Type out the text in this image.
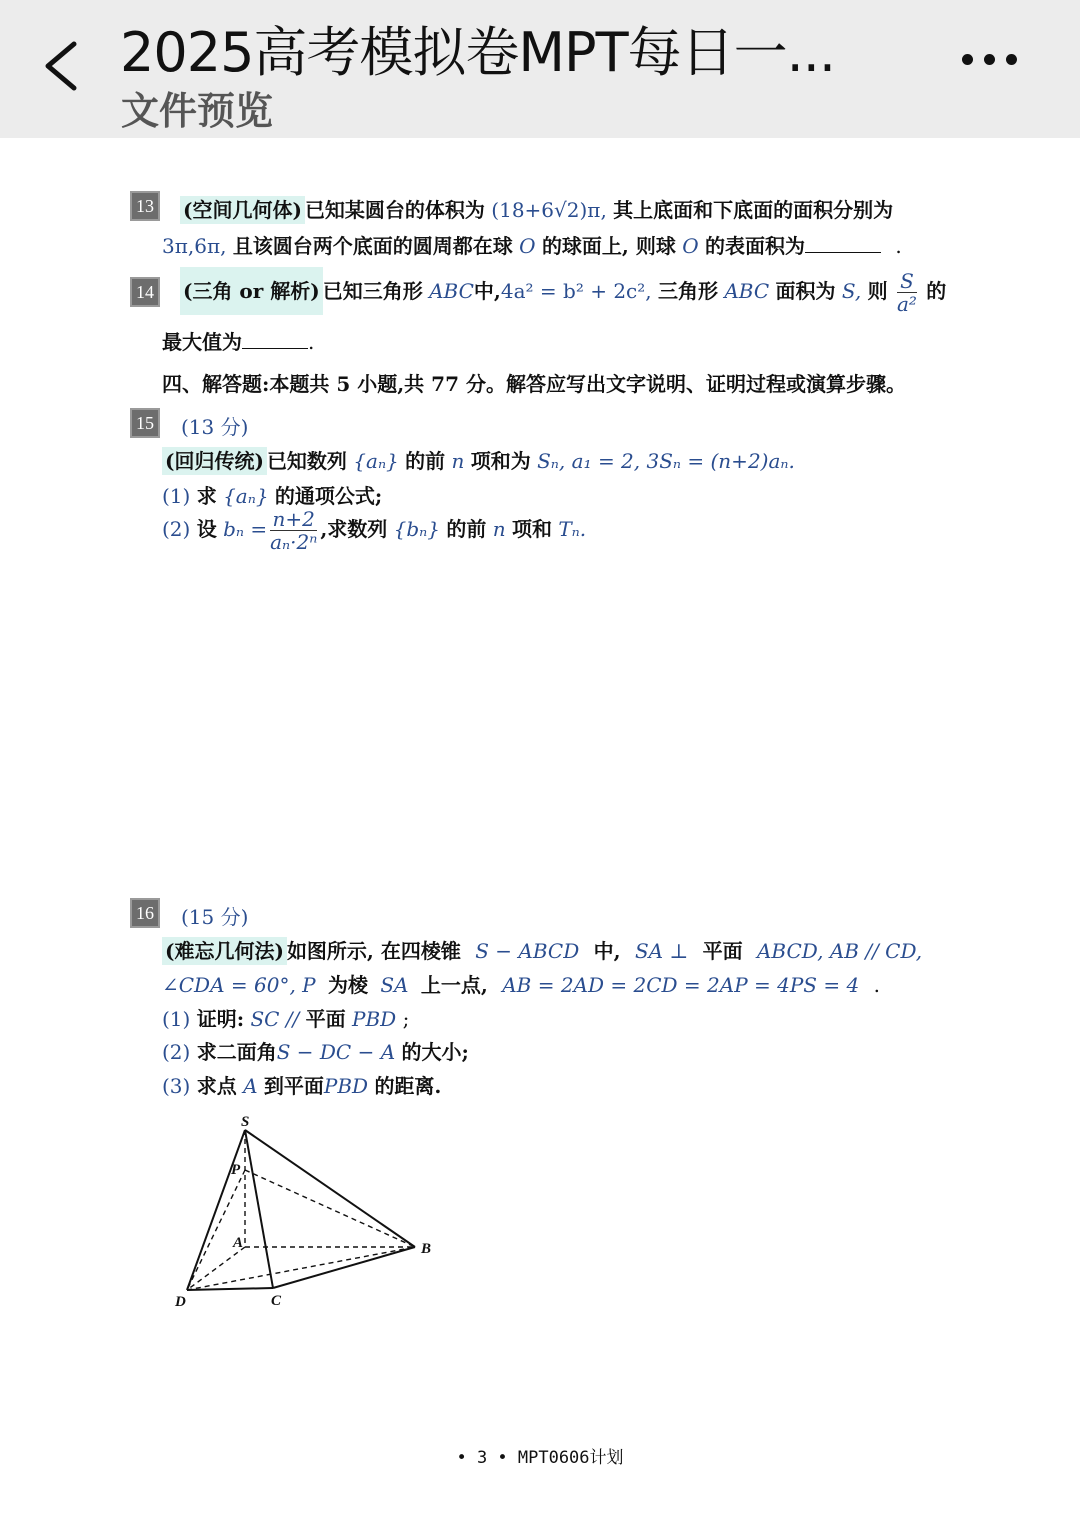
2025高考模拟卷MPT每日一...
文件预览
13	(空间几何体) 已知某圆台的体积为 (18+6√2)π, 其上底面和下底面的面积分别为
3π,6π, 且该圆台两个底面的圆周都在球 O 的球面上, 则球 O 的表面积为	.
14	(三角 or 解析) 已知三角形 ABC中,4a² = b² + 2c², 三角形 ABC 面积为 S, 则 $\frac{S}{\text{a²}}$ 的
最大值为	.
四、解答题:本题共 5 小题,共 77 分。解答应写出文字说明、证明过程或演算步骤。
15	(13 分)
(回归传统) 已知数列 {aₙ} 的前 n 项和为 Sₙ, a₁ = 2, 3Sₙ = (n+2)aₙ.
(1) 求 {aₙ} 的通项公式;
(2) 设 $b_n = \frac{n+2}{\text{aₙ·2ⁿ}}$ ,求数列 {bₙ} 的前 n 项和 Tₙ.
16	(15 分)
(难忘几何法) 如图所示, 在四棱锥 S − ABCD 中, SA ⊥ 平面 ABCD, AB // CD,
∠CDA = 60°, P 为棱 SA 上一点, AB = 2AD = 2CD = 2AP = 4PS = 4 .
(1) 证明: SC // 平面 PBD ;
(2) 求二面角S − DC − A 的大小;
(3) 求点 A 到平面PBD 的距离.
S
P
A	B
D	C
• 3 • MPT0606计划
